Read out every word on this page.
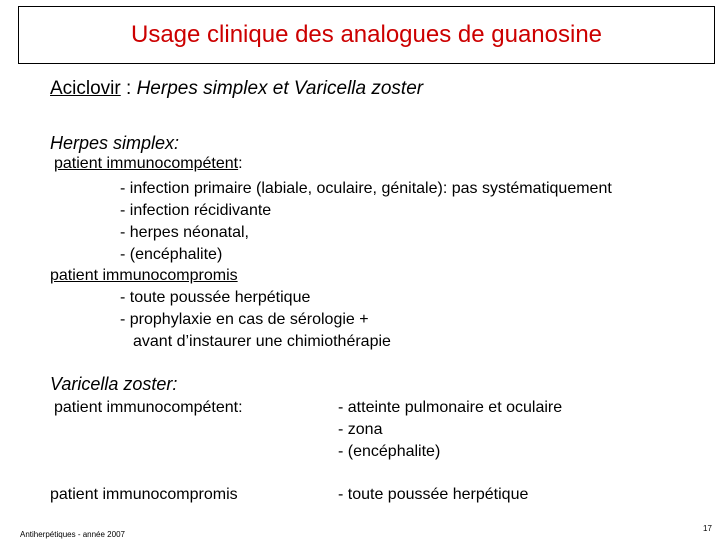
Usage clinique des analogues de guanosine
Aciclovir : Herpes simplex et Varicella zoster
Herpes simplex:
patient immunocompétent:
- infection primaire (labiale, oculaire, génitale): pas systématiquement
- infection récidivante
- herpes néonatal,
- (encéphalite)
patient immunocompromis
- toute poussée herpétique
- prophylaxie en cas de sérologie +
avant d’instaurer une chimiothérapie
Varicella zoster:
patient immunocompétent:	- atteinte pulmonaire et oculaire
- zona
- (encéphalite)
patient immunocompromis	- toute poussée herpétique
Antiherpétiques - année 2007
17
